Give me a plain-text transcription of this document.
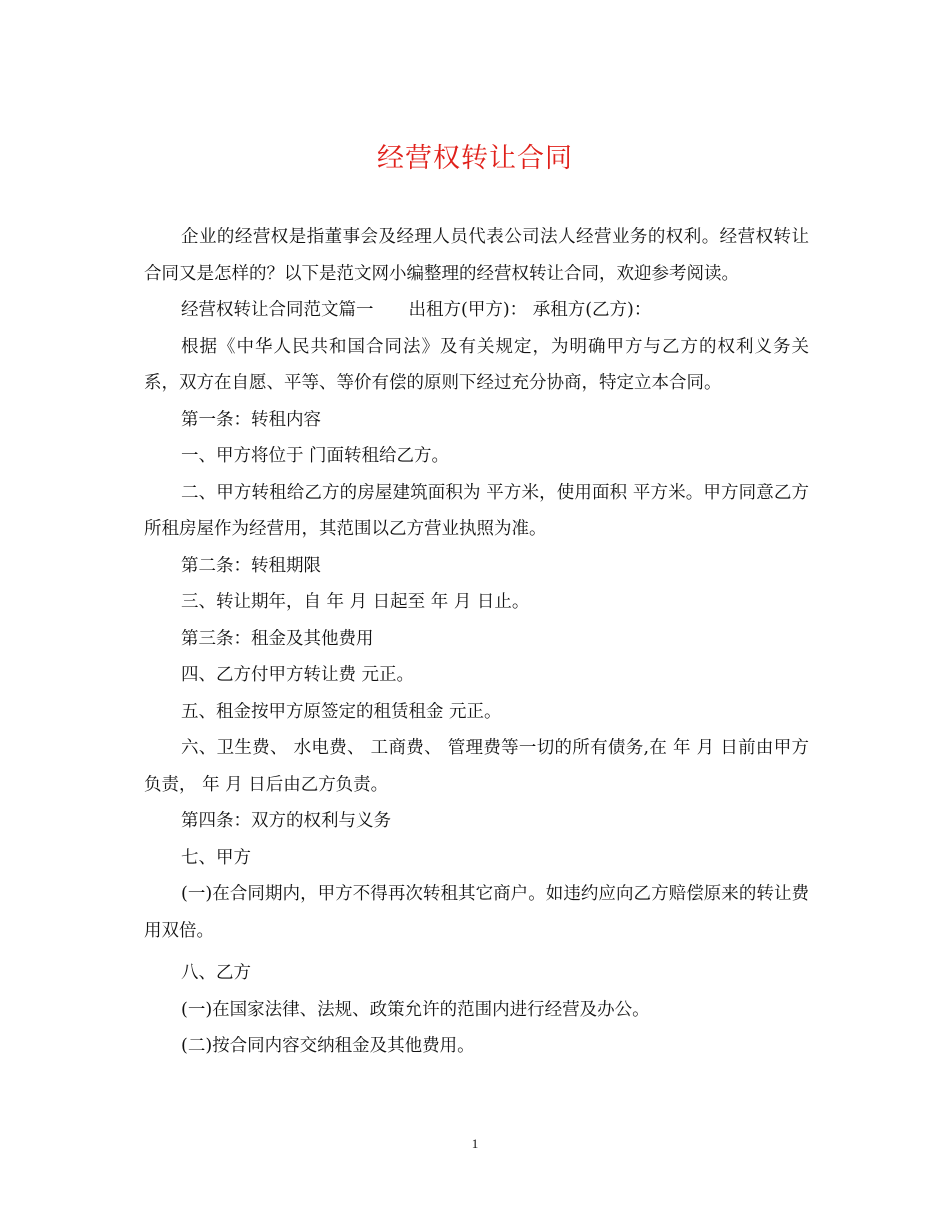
经营权转让合同

企业的经营权是指董事会及经理人员代表公司法人经营业务的权利。经营权转让合同又是怎样的？以下是范文网小编整理的经营权转让合同，欢迎参考阅读。

经营权转让合同范文篇一　　出租方(甲方)： 承租方(乙方)：

根据《中华人民共和国合同法》及有关规定，为明确甲方与乙方的权利义务关系，双方在自愿、平等、等价有偿的原则下经过充分协商，特定立本合同。

第一条：转租内容

一、甲方将位于 门面转租给乙方。

二、甲方转租给乙方的房屋建筑面积为 平方米，使用面积 平方米。甲方同意乙方所租房屋作为经营用，其范围以乙方营业执照为准。

第二条：转租期限

三、转让期年，自 年 月 日起至 年 月 日止。

第三条：租金及其他费用

四、乙方付甲方转让费 元正。

五、租金按甲方原签定的租赁租金 元正。

六、卫生费、 水电费、 工商费、 管理费等一切的所有债务,在 年 月 日前由甲方负责， 年 月 日后由乙方负责。

第四条：双方的权利与义务

七、甲方

(一)在合同期内，甲方不得再次转租其它商户。如违约应向乙方赔偿原来的转让费用双倍。

八、乙方

(一)在国家法律、法规、政策允许的范围内进行经营及办公。

(二)按合同内容交纳租金及其他费用。

1
